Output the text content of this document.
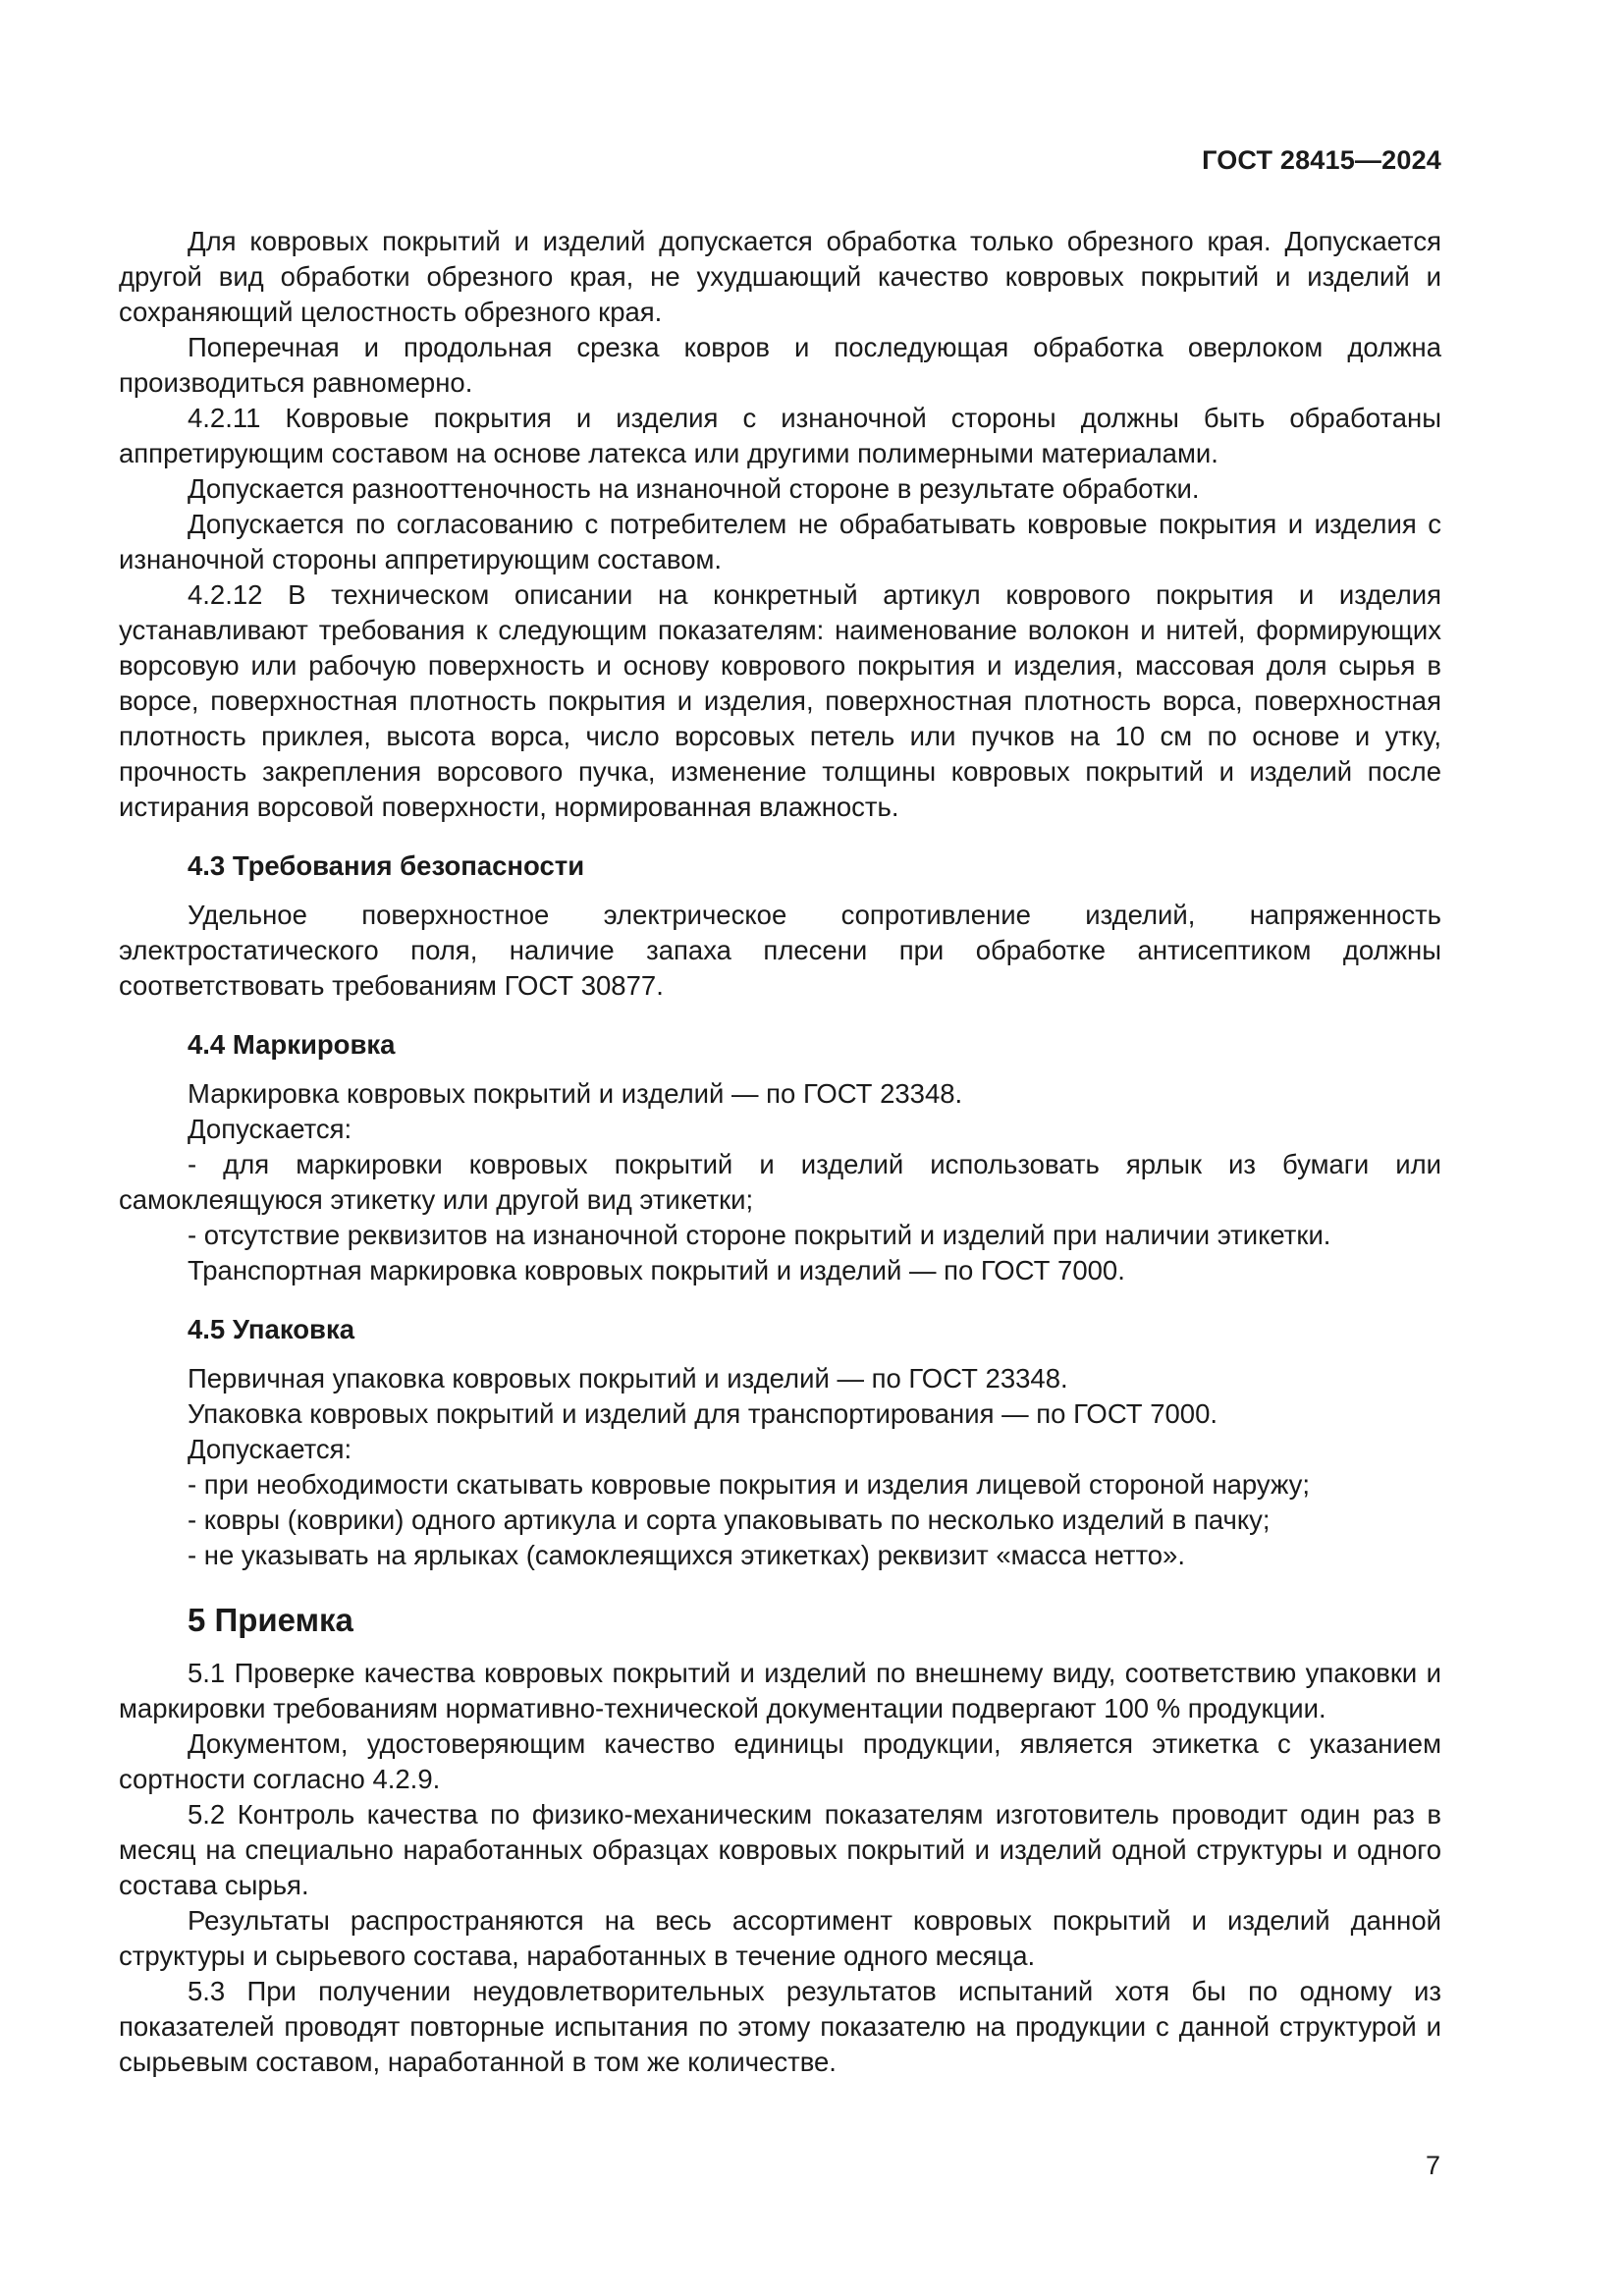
ГОСТ 28415—2024

Для ковровых покрытий и изделий допускается обработка только обрезного края. Допускается другой вид обработки обрезного края, не ухудшающий качество ковровых покрытий и изделий и сохраняющий целостность обрезного края.

Поперечная и продольная срезка ковров и последующая обработка оверлоком должна производиться равномерно.

4.2.11 Ковровые покрытия и изделия с изнаночной стороны должны быть обработаны аппретирующим составом на основе латекса или другими полимерными материалами.

Допускается разнооттеночность на изнаночной стороне в результате обработки.

Допускается по согласованию с потребителем не обрабатывать ковровые покрытия и изделия с изнаночной стороны аппретирующим составом.

4.2.12 В техническом описании на конкретный артикул коврового покрытия и изделия устанавливают требования к следующим показателям: наименование волокон и нитей, формирующих ворсовую или рабочую поверхность и основу коврового покрытия и изделия, массовая доля сырья в ворсе, поверхностная плотность покрытия и изделия, поверхностная плотность ворса, поверхностная плотность приклея, высота ворса, число ворсовых петель или пучков на 10 см по основе и утку, прочность закрепления ворсового пучка, изменение толщины ковровых покрытий и изделий после истирания ворсовой поверхности, нормированная влажность.

4.3 Требования безопасности

Удельное поверхностное электрическое сопротивление изделий, напряженность электростатического поля, наличие запаха плесени при обработке антисептиком должны соответствовать требованиям ГОСТ 30877.

4.4 Маркировка

Маркировка ковровых покрытий и изделий — по ГОСТ 23348.

Допускается:

- для маркировки ковровых покрытий и изделий использовать ярлык из бумаги или самоклеящуюся этикетку или другой вид этикетки;

- отсутствие реквизитов на изнаночной стороне покрытий и изделий при наличии этикетки.

Транспортная маркировка ковровых покрытий и изделий — по ГОСТ 7000.

4.5 Упаковка

Первичная упаковка ковровых покрытий и изделий — по ГОСТ 23348.

Упаковка ковровых покрытий и изделий для транспортирования — по ГОСТ 7000.

Допускается:

- при необходимости скатывать ковровые покрытия и изделия лицевой стороной наружу;

- ковры (коврики) одного артикула и сорта упаковывать по несколько изделий в пачку;

- не указывать на ярлыках (самоклеящихся этикетках) реквизит «масса нетто».

5 Приемка

5.1 Проверке качества ковровых покрытий и изделий по внешнему виду, соответствию упаковки и маркировки требованиям нормативно-технической документации подвергают 100 % продукции.

Документом, удостоверяющим качество единицы продукции, является этикетка с указанием сортности согласно 4.2.9.

5.2 Контроль качества по физико-механическим показателям изготовитель проводит один раз в месяц на специально наработанных образцах ковровых покрытий и изделий одной структуры и одного состава сырья.

Результаты распространяются на весь ассортимент ковровых покрытий и изделий данной структуры и сырьевого состава, наработанных в течение одного месяца.

5.3 При получении неудовлетворительных результатов испытаний хотя бы по одному из показателей проводят повторные испытания по этому показателю на продукции с данной структурой и сырьевым составом, наработанной в том же количестве.

7
